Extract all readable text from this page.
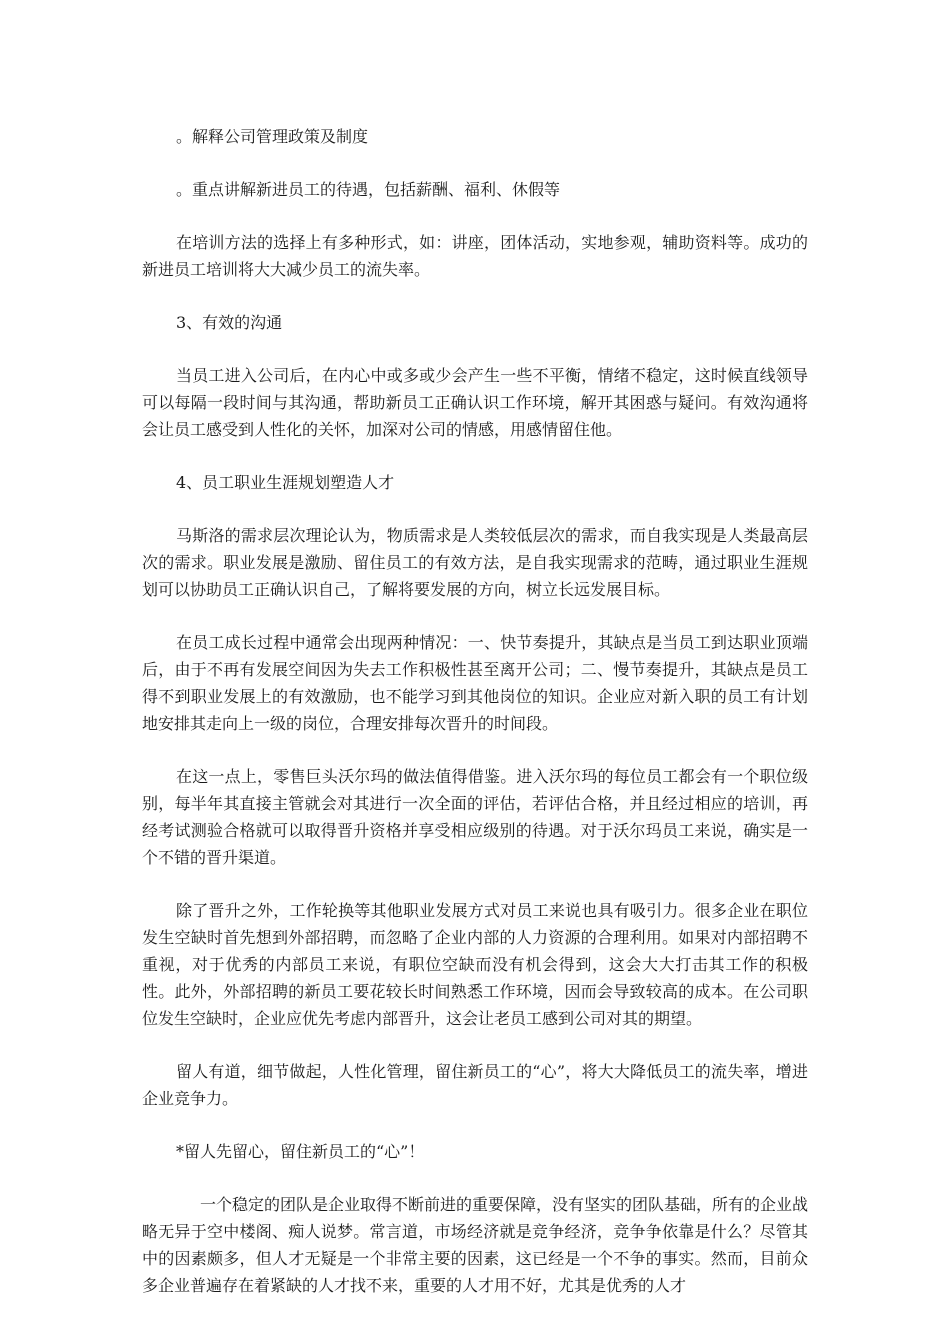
。解释公司管理政策及制度

。重点讲解新进员工的待遇，包括薪酬、福利、休假等

在培训方法的选择上有多种形式，如：讲座，团体活动，实地参观，辅助资料等。成功的新进员工培训将大大减少员工的流失率。

3、有效的沟通

当员工进入公司后，在内心中或多或少会产生一些不平衡，情绪不稳定，这时候直线领导可以每隔一段时间与其沟通，帮助新员工正确认识工作环境，解开其困惑与疑问。有效沟通将会让员工感受到人性化的关怀，加深对公司的情感，用感情留住他。

4、员工职业生涯规划塑造人才

马斯洛的需求层次理论认为，物质需求是人类较低层次的需求，而自我实现是人类最高层次的需求。职业发展是激励、留住员工的有效方法，是自我实现需求的范畴，通过职业生涯规划可以协助员工正确认识自己，了解将要发展的方向，树立长远发展目标。

在员工成长过程中通常会出现两种情况：一、快节奏提升，其缺点是当员工到达职业顶端后，由于不再有发展空间因为失去工作积极性甚至离开公司；二、慢节奏提升，其缺点是员工得不到职业发展上的有效激励，也不能学习到其他岗位的知识。企业应对新入职的员工有计划地安排其走向上一级的岗位，合理安排每次晋升的时间段。

在这一点上，零售巨头沃尔玛的做法值得借鉴。进入沃尔玛的每位员工都会有一个职位级别，每半年其直接主管就会对其进行一次全面的评估，若评估合格，并且经过相应的培训，再经考试测验合格就可以取得晋升资格并享受相应级别的待遇。对于沃尔玛员工来说，确实是一个不错的晋升渠道。

除了晋升之外，工作轮换等其他职业发展方式对员工来说也具有吸引力。很多企业在职位发生空缺时首先想到外部招聘，而忽略了企业内部的人力资源的合理利用。如果对内部招聘不重视，对于优秀的内部员工来说，有职位空缺而没有机会得到，这会大大打击其工作的积极性。此外，外部招聘的新员工要花较长时间熟悉工作环境，因而会导致较高的成本。在公司职位发生空缺时，企业应优先考虑内部晋升，这会让老员工感到公司对其的期望。

留人有道，细节做起，人性化管理，留住新员工的“心”，将大大降低员工的流失率，增进企业竞争力。

*留人先留心，留住新员工的“心”！

一个稳定的团队是企业取得不断前进的重要保障，没有坚实的团队基础，所有的企业战略无异于空中楼阁、痴人说梦。常言道，市场经济就是竞争经济，竞争争依靠是什么？尽管其中的因素颇多，但人才无疑是一个非常主要的因素，这已经是一个不争的事实。然而，目前众多企业普遍存在着紧缺的人才找不来，重要的人才用不好，尤其是优秀的人才
